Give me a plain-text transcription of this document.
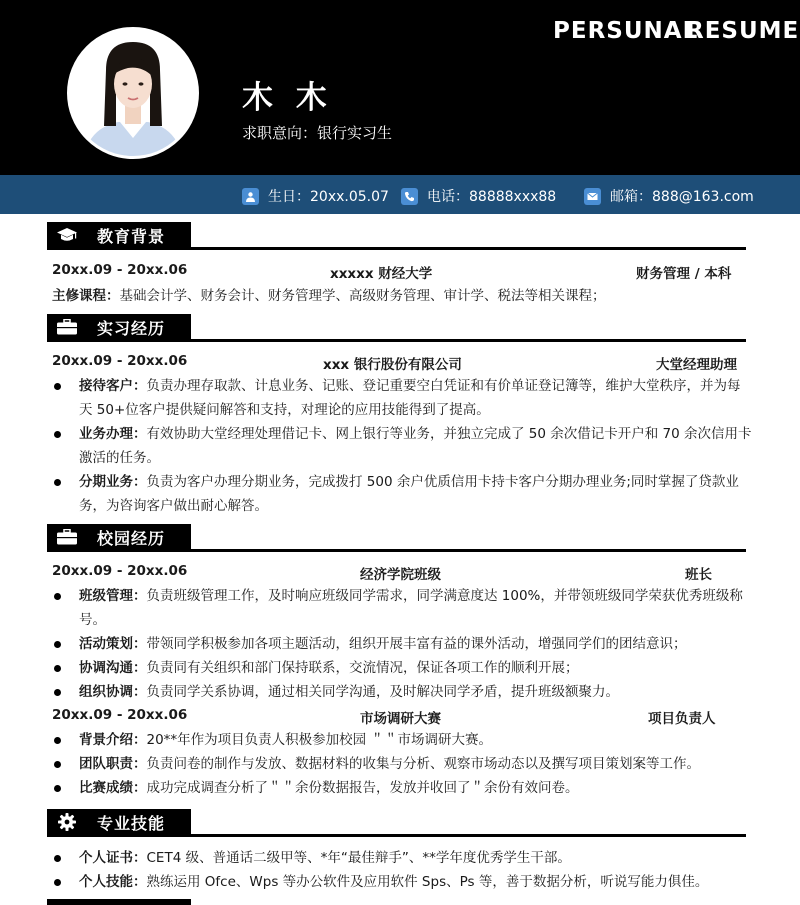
PERSUNAL
RESUME
木 木
求职意向：银行实习生
生日：20xx.05.07	电话：88888xxx88	邮箱：888@163.com
教育背景
20xx.09 - 20xx.06	xxxxx 财经大学	财务管理 / 本科
主修课程：基础会计学、财务会计、财务管理学、高级财务管理、审计学、税法等相关课程；
实习经历
20xx.09 - 20xx.06	xxx 银行股份有限公司	大堂经理助理
接待客户：负责办理存取款、计息业务、记账、登记重要空白凭证和有价单证登记簿等，维护大堂秩序，并为每天 50+位客户提供疑问解答和支持，对理论的应用技能得到了提高。
业务办理：有效协助大堂经理处理借记卡、网上银行等业务，并独立完成了 50 余次借记卡开户和 70 余次信用卡激活的任务。
分期业务：负责为客户办理分期业务，完成拨打 500 余户优质信用卡持卡客户分期办理业务;同时掌握了贷款业务，为咨询客户做出耐心解答。
校园经历
20xx.09 - 20xx.06	经济学院班级	班长
班级管理：负责班级管理工作，及时响应班级同学需求，同学满意度达 100%，并带领班级同学荣获优秀班级称号。
活动策划：带领同学积极参加各项主题活动，组织开展丰富有益的课外活动，增强同学们的团结意识；
协调沟通：负责同有关组织和部门保持联系，交流情况，保证各项工作的顺利开展；
组织协调：负责同学关系协调，通过相关同学沟通，及时解决同学矛盾，提升班级额聚力。
20xx.09 - 20xx.06	市场调研大赛	项目负责人
背景介绍：20**年作为项目负责人积极参加校园 ＂＂市场调研大赛。
团队职责：负责问卷的制作与发放、数据材料的收集与分析、观察市场动态以及撰写项目策划案等工作。
比赛成绩：成功完成调查分析了＂＂余份数据报告，发放并收回了＂余份有效问卷。
专业技能
个人证书：CET4 级、普通话二级甲等、*年“最佳辩手”、**学年度优秀学生干部。
个人技能：熟练运用 Ofce、Wps 等办公软件及应用软件 Sps、Ps 等，善于数据分析，听说写能力俱佳。
